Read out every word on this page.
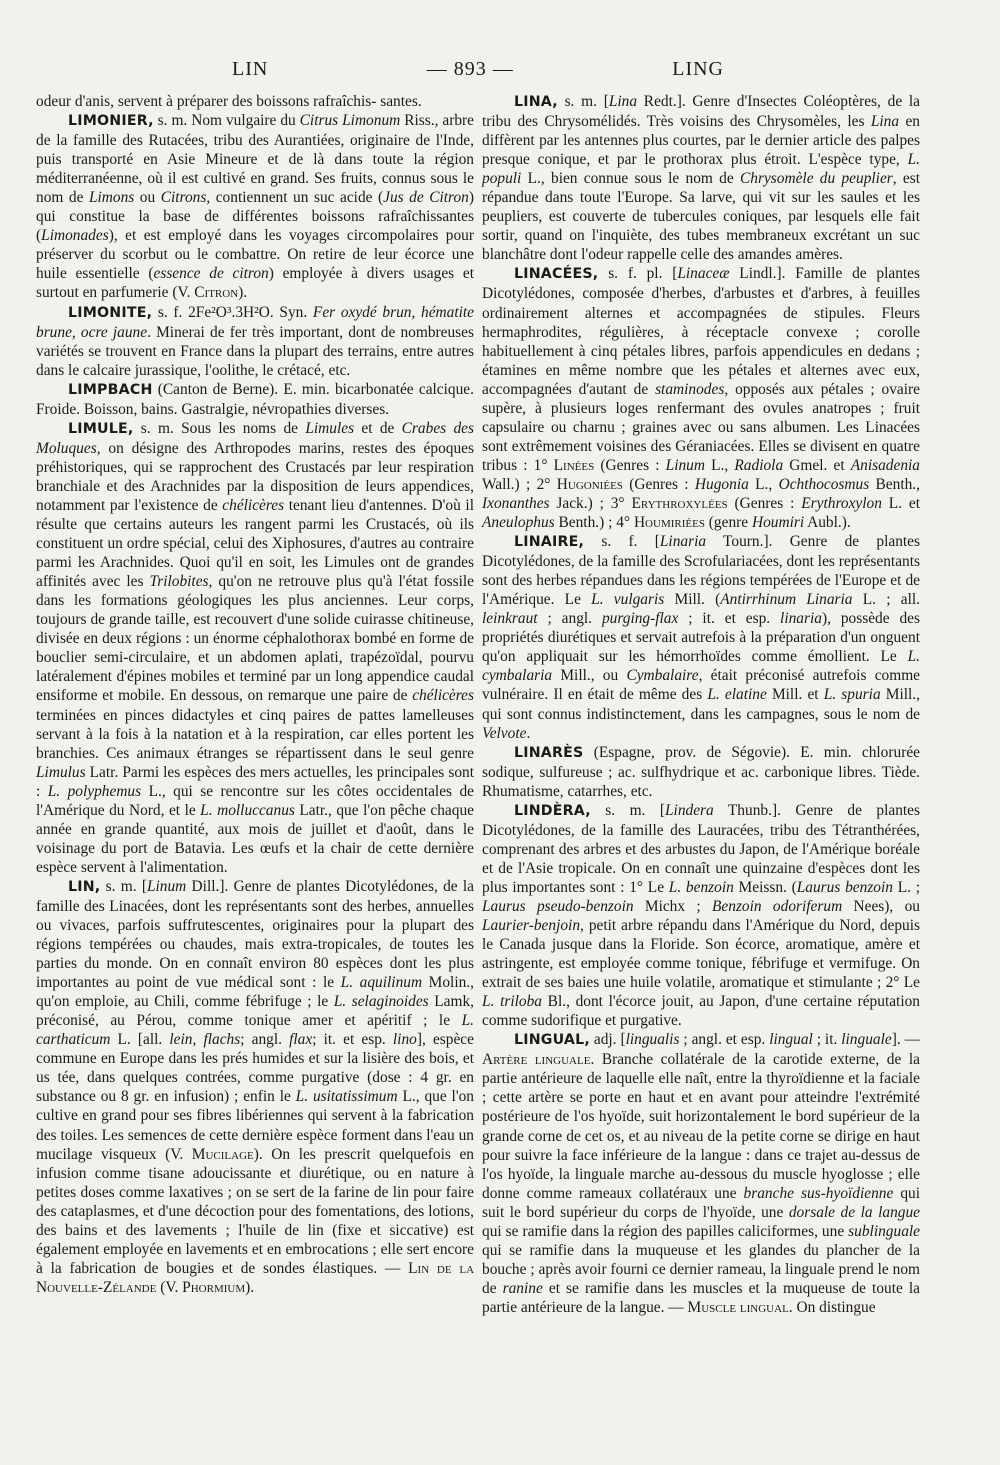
LIN	— 893 —	LING

odeur d'anis, servent à préparer des boissons rafraîchis- santes.

LIMONIER, s. m. Nom vulgaire du Citrus Limonum Riss., arbre de la famille des Rutacées, tribu des Aurantiées, originaire de l'Inde, puis transporté en Asie Mineure et de là dans toute la région méditerranéenne, où il est cultivé en grand. Ses fruits, connus sous le nom de Limons ou Citrons, contiennent un suc acide (Jus de Citron) qui constitue la base de différentes boissons rafraîchissantes (Limonades), et est employé dans les voyages circompolaires pour préserver du scorbut ou le combattre. On retire de leur écorce une huile essentielle (essence de citron) employée à divers usages et surtout en parfumerie (V. Citron).

LIMONITE, s. f. 2Fe²O³.3H²O. Syn. Fer oxydé brun, hématite brune, ocre jaune. Minerai de fer très important, dont de nombreuses variétés se trouvent en France dans la plupart des terrains, entre autres dans le calcaire jurassique, l'oolithe, le crétacé, etc.

LIMPBACH (Canton de Berne). E. min. bicarbonatée calcique. Froide. Boisson, bains. Gastralgie, névropathies diverses.

LIMULE, s. m. Sous les noms de Limules et de Crabes des Moluques, on désigne des Arthropodes marins, restes des époques préhistoriques, qui se rapprochent des Crustacés par leur respiration branchiale et des Arachnides par la disposition de leurs appendices, notamment par l'existence de chélicères tenant lieu d'antennes. D'où il résulte que certains auteurs les rangent parmi les Crustacés, où ils constituent un ordre spécial, celui des Xiphosures, d'autres au contraire parmi les Arachnides. Quoi qu'il en soit, les Limules ont de grandes affinités avec les Trilobites, qu'on ne retrouve plus qu'à l'état fossile dans les formations géologiques les plus anciennes. Leur corps, toujours de grande taille, est recouvert d'une solide cuirasse chitineuse, divisée en deux régions : un énorme céphalothorax bombé en forme de bouclier semi-circulaire, et un abdomen aplati, trapézoïdal, pourvu latéralement d'épines mobiles et terminé par un long appendice caudal ensiforme et mobile. En dessous, on remarque une paire de chélicères terminées en pinces didactyles et cinq paires de pattes lamelleuses servant à la fois à la natation et à la respiration, car elles portent les branchies. Ces animaux étranges se répartissent dans le seul genre Limulus Latr. Parmi les espèces des mers actuelles, les principales sont : L. polyphemus L., qui se rencontre sur les côtes occidentales de l'Amérique du Nord, et le L. molluccanus Latr., que l'on pêche chaque année en grande quantité, aux mois de juillet et d'août, dans le voisinage du port de Batavia. Les œufs et la chair de cette dernière espèce servent à l'alimentation.

LIN, s. m. [Linum Dill.]. Genre de plantes Dicotylédones, de la famille des Linacées, dont les représentants sont des herbes, annuelles ou vivaces, parfois suffrutescentes, originaires pour la plupart des régions tempérées ou chaudes, mais extra-tropicales, de toutes les parties du monde. On en connaît environ 80 espèces dont les plus importantes au point de vue médical sont : le L. aquilinum Molin., qu'on emploie, au Chili, comme fébrifuge ; le L. selaginoides Lamk, préconisé, au Pérou, comme tonique amer et apéritif ; le L. carthaticum L. [all. lein, flachs; angl. flax; it. et esp. lino], espèce commune en Europe dans les prés humides et sur la lisière des bois, et us tée, dans quelques contrées, comme purgative (dose : 4 gr. en substance ou 8 gr. en infusion) ; enfin le L. usitatissimum L., que l'on cultive en grand pour ses fibres libériennes qui servent à la fabrication des toiles. Les semences de cette dernière espèce forment dans l'eau un mucilage visqueux (V. Mucilage). On les prescrit quelquefois en infusion comme tisane adoucissante et diurétique, ou en nature à petites doses comme laxatives ; on se sert de la farine de lin pour faire des cataplasmes, et d'une décoction pour des fomentations, des lotions, des bains et des lavements ; l'huile de lin (fixe et siccative) est également employée en lavements et en embrocations ; elle sert encore à la fabrication de bougies et de sondes élastiques. — Lin de la Nouvelle-Zélande (V. Phormium).

LINA, s. m. [Lina Redt.]. Genre d'Insectes Coléoptères, de la tribu des Chrysomélidés. Très voisins des Chrysomèles, les Lina en diffèrent par les antennes plus courtes, par le dernier article des palpes presque conique, et par le prothorax plus étroit. L'espèce type, L. populi L., bien connue sous le nom de Chrysomèle du peuplier, est répandue dans toute l'Europe. Sa larve, qui vit sur les saules et les peupliers, est couverte de tubercules coniques, par lesquels elle fait sortir, quand on l'inquiète, des tubes membraneux excrétant un suc blanchâtre dont l'odeur rappelle celle des amandes amères.

LINACÉES, s. f. pl. [Linaceæ Lindl.]. Famille de plantes Dicotylédones, composée d'herbes, d'arbustes et d'arbres, à feuilles ordinairement alternes et accompagnées de stipules. Fleurs hermaphrodites, régulières, à réceptacle convexe ; corolle habituellement à cinq pétales libres, parfois appendicules en dedans ; étamines en même nombre que les pétales et alternes avec eux, accompagnées d'autant de staminodes, opposés aux pétales ; ovaire supère, à plusieurs loges renfermant des ovules anatropes ; fruit capsulaire ou charnu ; graines avec ou sans albumen. Les Linacées sont extrêmement voisines des Géraniacées. Elles se divisent en quatre tribus : 1° Linées (Genres : Linum L., Radiola Gmel. et Anisadenia Wall.) ; 2° Hugoniées (Genres : Hugonia L., Ochthocosmus Benth., Ixonanthes Jack.) ; 3° Erythroxylées (Genres : Erythroxylon L. et Aneulophus Benth.) ; 4° Houmiriées (genre Houmiri Aubl.).

LINAIRE, s. f. [Linaria Tourn.]. Genre de plantes Dicotylédones, de la famille des Scrofulariacées, dont les représentants sont des herbes répandues dans les régions tempérées de l'Europe et de l'Amérique. Le L. vulgaris Mill. (Antirrhinum Linaria L. ; all. leinkraut ; angl. purging-flax ; it. et esp. linaria), possède des propriétés diurétiques et servait autrefois à la préparation d'un onguent qu'on appliquait sur les hémorrhoïdes comme émollient. Le L. cymbalaria Mill., ou Cymbalaire, était préconisé autrefois comme vulnéraire. Il en était de même des L. elatine Mill. et L. spuria Mill., qui sont connus indistinctement, dans les campagnes, sous le nom de Velvote.

LINARÈS (Espagne, prov. de Ségovie). E. min. chlorurée sodique, sulfureuse ; ac. sulfhydrique et ac. carbonique libres. Tiède. Rhumatisme, catarrhes, etc.

LINDÈRA, s. m. [Lindera Thunb.]. Genre de plantes Dicotylédones, de la famille des Lauracées, tribu des Tétranthérées, comprenant des arbres et des arbustes du Japon, de l'Amérique boréale et de l'Asie tropicale. On en connaît une quinzaine d'espèces dont les plus importantes sont : 1° Le L. benzoin Meissn. (Laurus benzoin L. ; Laurus pseudo-benzoin Michx ; Benzoin odoriferum Nees), ou Laurier-benjoin, petit arbre répandu dans l'Amérique du Nord, depuis le Canada jusque dans la Floride. Son écorce, aromatique, amère et astringente, est employée comme tonique, fébrifuge et vermifuge. On extrait de ses baies une huile volatile, aromatique et stimulante ; 2° Le L. triloba Bl., dont l'écorce jouit, au Japon, d'une certaine réputation comme sudorifique et purgative.

LINGUAL, adj. [lingualis ; angl. et esp. lingual ; it. linguale]. — Artère linguale. Branche collatérale de la carotide externe, de la partie antérieure de laquelle elle naît, entre la thyroïdienne et la faciale ; cette artère se porte en haut et en avant pour atteindre l'extrémité postérieure de l'os hyoïde, suit horizontalement le bord supérieur de la grande corne de cet os, et au niveau de la petite corne se dirige en haut pour suivre la face inférieure de la langue : dans ce trajet au-dessus de l'os hyoïde, la linguale marche au-dessous du muscle hyoglosse ; elle donne comme rameaux collatéraux une branche sus-hyoïdienne qui suit le bord supérieur du corps de l'hyoïde, une dorsale de la langue qui se ramifie dans la région des papilles caliciformes, une sublinguale qui se ramifie dans la muqueuse et les glandes du plancher de la bouche ; après avoir fourni ce dernier rameau, la linguale prend le nom de ranine et se ramifie dans les muscles et la muqueuse de toute la partie antérieure de la langue. — Muscle lingual. On distingue
